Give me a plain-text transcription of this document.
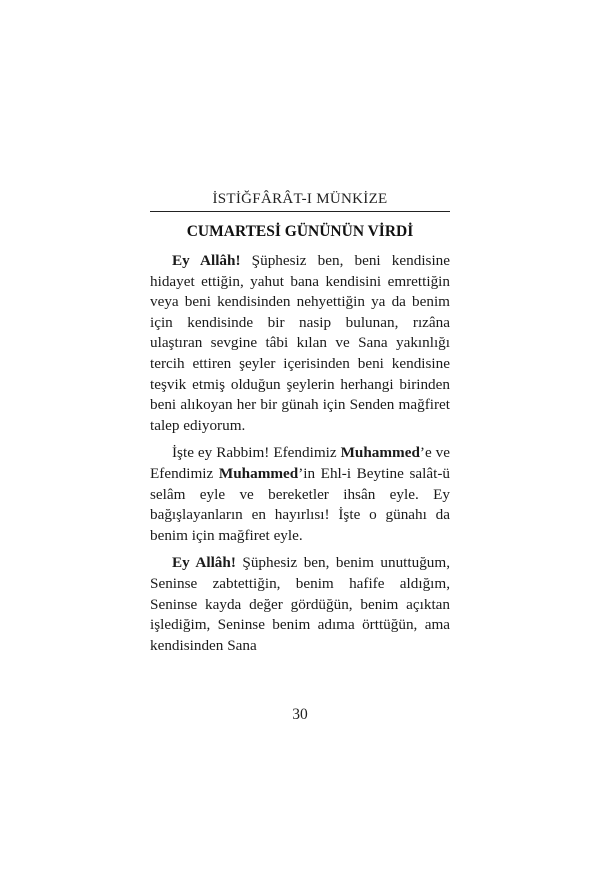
İSTİĞFÂRÂT-I MÜNKİZE
CUMARTESİ GÜNÜNÜN VİRDİ

Ey Allâh! Şüphesiz ben, beni kendisine hidayet ettiğin, yahut bana kendisini emrettiğin veya beni kendisinden nehyettiğin ya da benim için kendisinde bir nasip bulunan, rızâna ulaştıran sevgine tâbi kılan ve Sana yakınlığı tercih ettiren şeyler içerisinden beni kendisine teşvik etmiş olduğun şeylerin herhangi birinden beni alıkoyan her bir günah için Senden mağfiret talep ediyorum.

İşte ey Rabbim! Efendimiz Muhammed’e ve Efendimiz Muhammed’in Ehl-i Beytine salât-ü selâm eyle ve bereketler ihsân eyle. Ey bağışlayanların en hayırlısı! İşte o günahı da benim için mağfiret eyle.

Ey Allâh! Şüphesiz ben, benim unuttuğum, Seninse zabtettiğin, benim hafife aldığım, Seninse kayda değer gördüğün, benim açıktan işlediğim, Seninse benim adıma örttüğün, ama kendisinden Sana

30
